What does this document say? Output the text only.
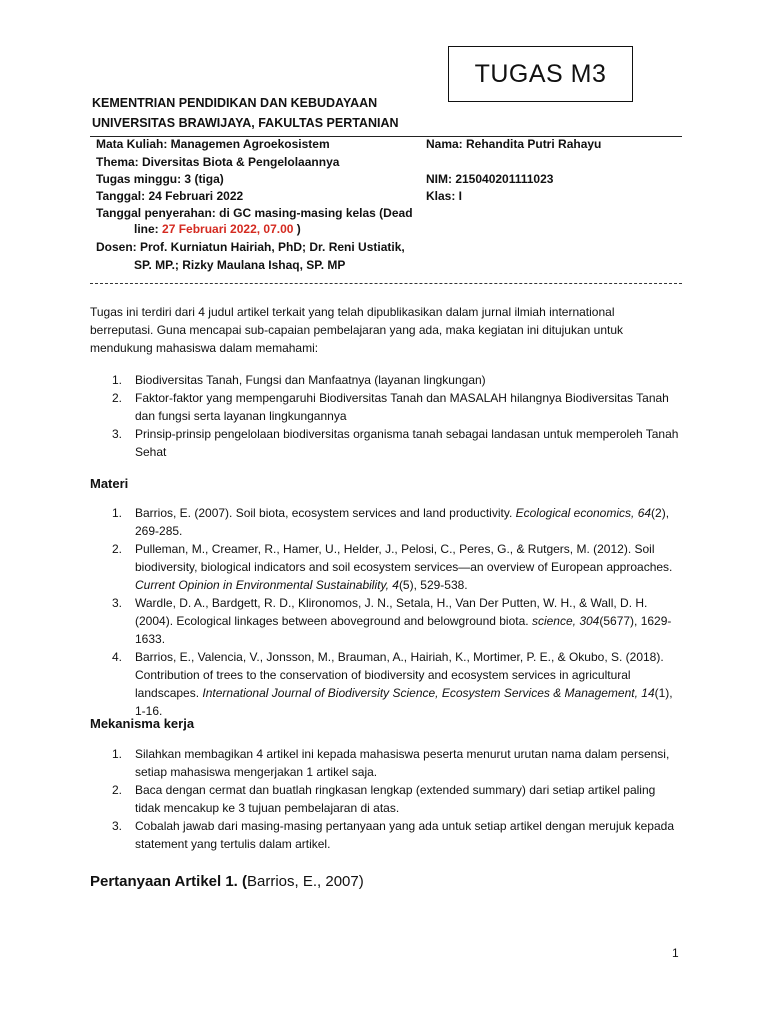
TUGAS M3
KEMENTRIAN PENDIDIKAN DAN KEBUDAYAAN
UNIVERSITAS BRAWIJAYA, FAKULTAS PERTANIAN
Mata Kuliah: Managemen Agroekosistem
Thema: Diversitas Biota & Pengelolaannya
Tugas minggu: 3 (tiga)
Tanggal: 24 Februari 2022
Tanggal penyerahan: di GC masing-masing kelas (Dead
line: 27 Februari 2022, 07.00 )
Dosen: Prof. Kurniatun Hairiah, PhD; Dr. Reni Ustiatik,
SP. MP.; Rizky Maulana Ishaq, SP. MP
Nama: Rehandita Putri Rahayu
NIM: 215040201111023
Klas: I
Tugas ini terdiri dari 4 judul artikel terkait yang telah dipublikasikan dalam jurnal ilmiah international berreputasi. Guna mencapai sub-capaian pembelajaran yang ada, maka kegiatan ini ditujukan untuk mendukung mahasiswa dalam memahami:
1. Biodiversitas Tanah, Fungsi dan Manfaatnya (layanan lingkungan)
2. Faktor-faktor yang mempengaruhi Biodiversitas Tanah dan MASALAH hilangnya Biodiversitas Tanah dan fungsi serta layanan lingkungannya
3. Prinsip-prinsip pengelolaan biodiversitas organisma tanah sebagai landasan untuk memperoleh Tanah Sehat
Materi
1. Barrios, E. (2007). Soil biota, ecosystem services and land productivity. Ecological economics, 64(2), 269-285.
2. Pulleman, M., Creamer, R., Hamer, U., Helder, J., Pelosi, C., Peres, G., & Rutgers, M. (2012). Soil biodiversity, biological indicators and soil ecosystem services—an overview of European approaches. Current Opinion in Environmental Sustainability, 4(5), 529-538.
3. Wardle, D. A., Bardgett, R. D., Klironomos, J. N., Setala, H., Van Der Putten, W. H., & Wall, D. H. (2004). Ecological linkages between aboveground and belowground biota. science, 304(5677), 1629-1633.
4. Barrios, E., Valencia, V., Jonsson, M., Brauman, A., Hairiah, K., Mortimer, P. E., & Okubo, S. (2018). Contribution of trees to the conservation of biodiversity and ecosystem services in agricultural landscapes. International Journal of Biodiversity Science, Ecosystem Services & Management, 14(1), 1-16.
Mekanisma kerja
1. Silahkan membagikan 4 artikel ini kepada mahasiswa peserta menurut urutan nama dalam persensi, setiap mahasiswa mengerjakan 1 artikel saja.
2. Baca dengan cermat dan buatlah ringkasan lengkap (extended summary) dari setiap artikel paling tidak mencakup ke 3 tujuan pembelajaran di atas.
3. Cobalah jawab dari masing-masing pertanyaan yang ada untuk setiap artikel dengan merujuk kepada statement yang tertulis dalam artikel.
Pertanyaan Artikel 1. (Barrios, E., 2007)
1
